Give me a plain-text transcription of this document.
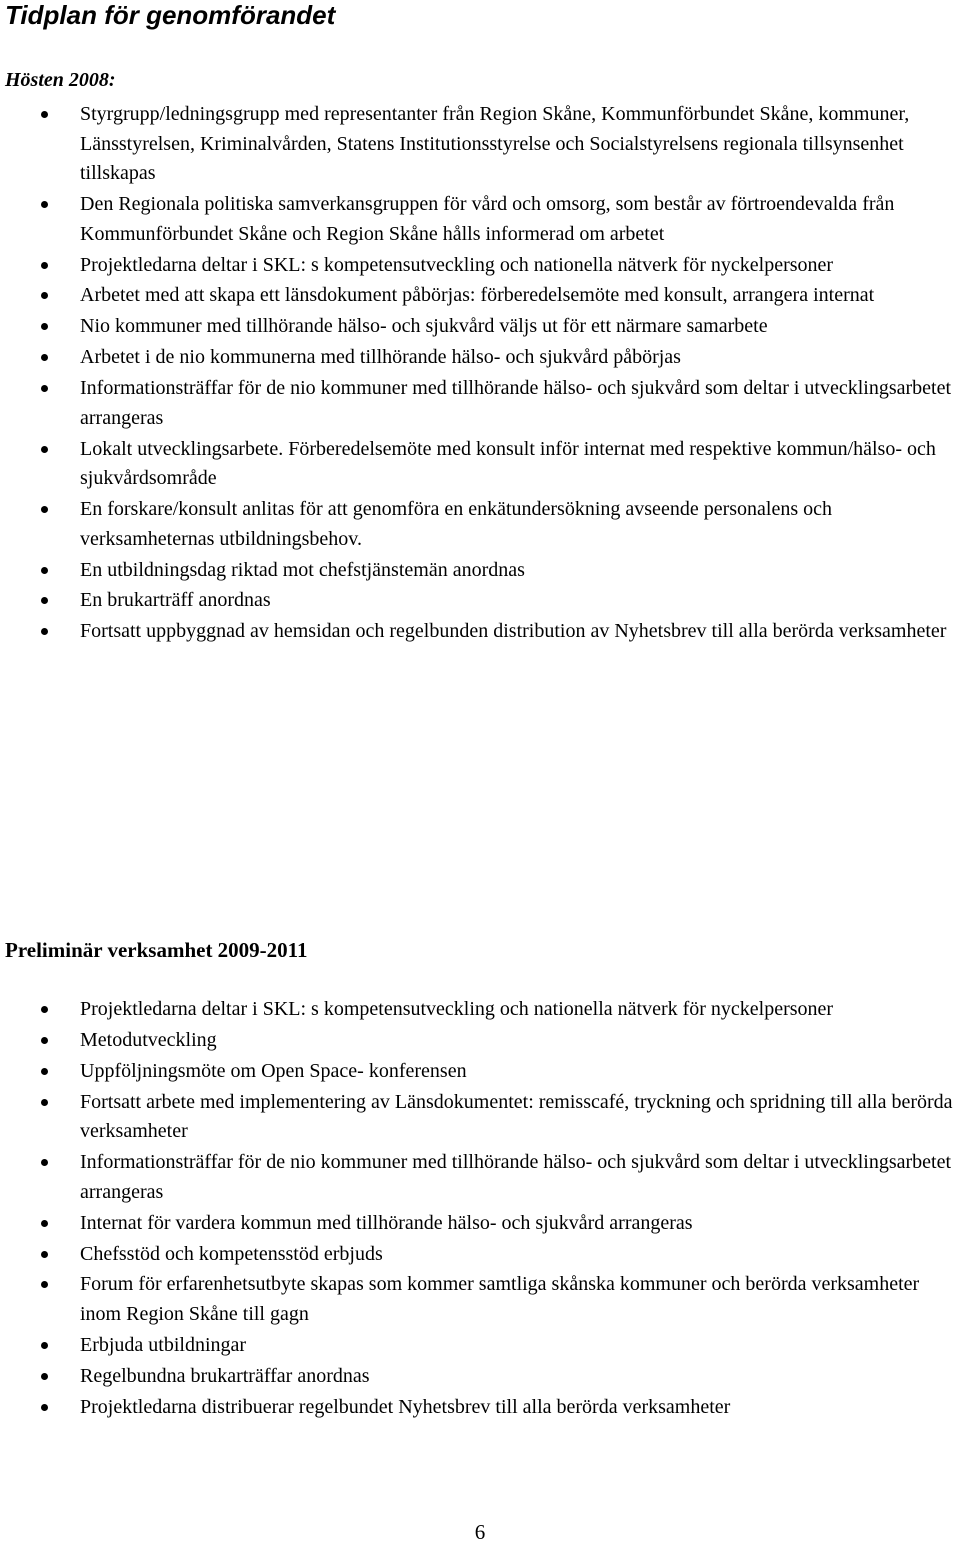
Tidplan för genomförandet
Hösten 2008:
Styrgrupp/ledningsgrupp med representanter från Region Skåne, Kommunförbundet Skåne, kommuner, Länsstyrelsen, Kriminalvården, Statens Institutionsstyrelse och Socialstyrelsens regionala tillsynsenhet tillskapas
Den Regionala politiska samverkansgruppen för vård och omsorg, som består av förtroendevalda från Kommunförbundet Skåne och Region Skåne hålls informerad om arbetet
Projektledarna deltar i SKL: s kompetensutveckling och nationella nätverk för nyckelpersoner
Arbetet med att skapa ett länsdokument påbörjas: förberedelsemöte med konsult, arrangera internat
Nio kommuner med tillhörande hälso- och sjukvård väljs ut för ett närmare samarbete
Arbetet i de nio kommunerna med tillhörande hälso- och sjukvård påbörjas
Informationsträffar för de nio kommuner med tillhörande hälso- och sjukvård som deltar i utvecklingsarbetet arrangeras
Lokalt utvecklingsarbete. Förberedelsemöte med konsult inför internat med respektive kommun/hälso- och sjukvårdsområde
En forskare/konsult anlitas för att genomföra en enkätundersökning avseende personalens och verksamheternas utbildningsbehov.
En utbildningsdag riktad mot chefstjänstemän anordnas
En brukarträff anordnas
Fortsatt uppbyggnad av hemsidan och regelbunden distribution av Nyhetsbrev till alla berörda verksamheter
Preliminär verksamhet 2009-2011
Projektledarna deltar i SKL: s kompetensutveckling och nationella nätverk för nyckelpersoner
Metodutveckling
Uppföljningsmöte om Open Space- konferensen
Fortsatt arbete med implementering av Länsdokumentet: remisscafé, tryckning och spridning till alla berörda verksamheter
Informationsträffar för de nio kommuner med tillhörande hälso- och sjukvård som deltar i utvecklingsarbetet arrangeras
Internat för vardera kommun med tillhörande hälso- och sjukvård arrangeras
Chefsstöd och kompetensstöd erbjuds
Forum för erfarenhetsutbyte skapas som kommer samtliga skånska kommuner och berörda verksamheter inom Region Skåne till gagn
Erbjuda utbildningar
Regelbundna brukarträffar anordnas
Projektledarna distribuerar regelbundet Nyhetsbrev till alla berörda verksamheter
6
